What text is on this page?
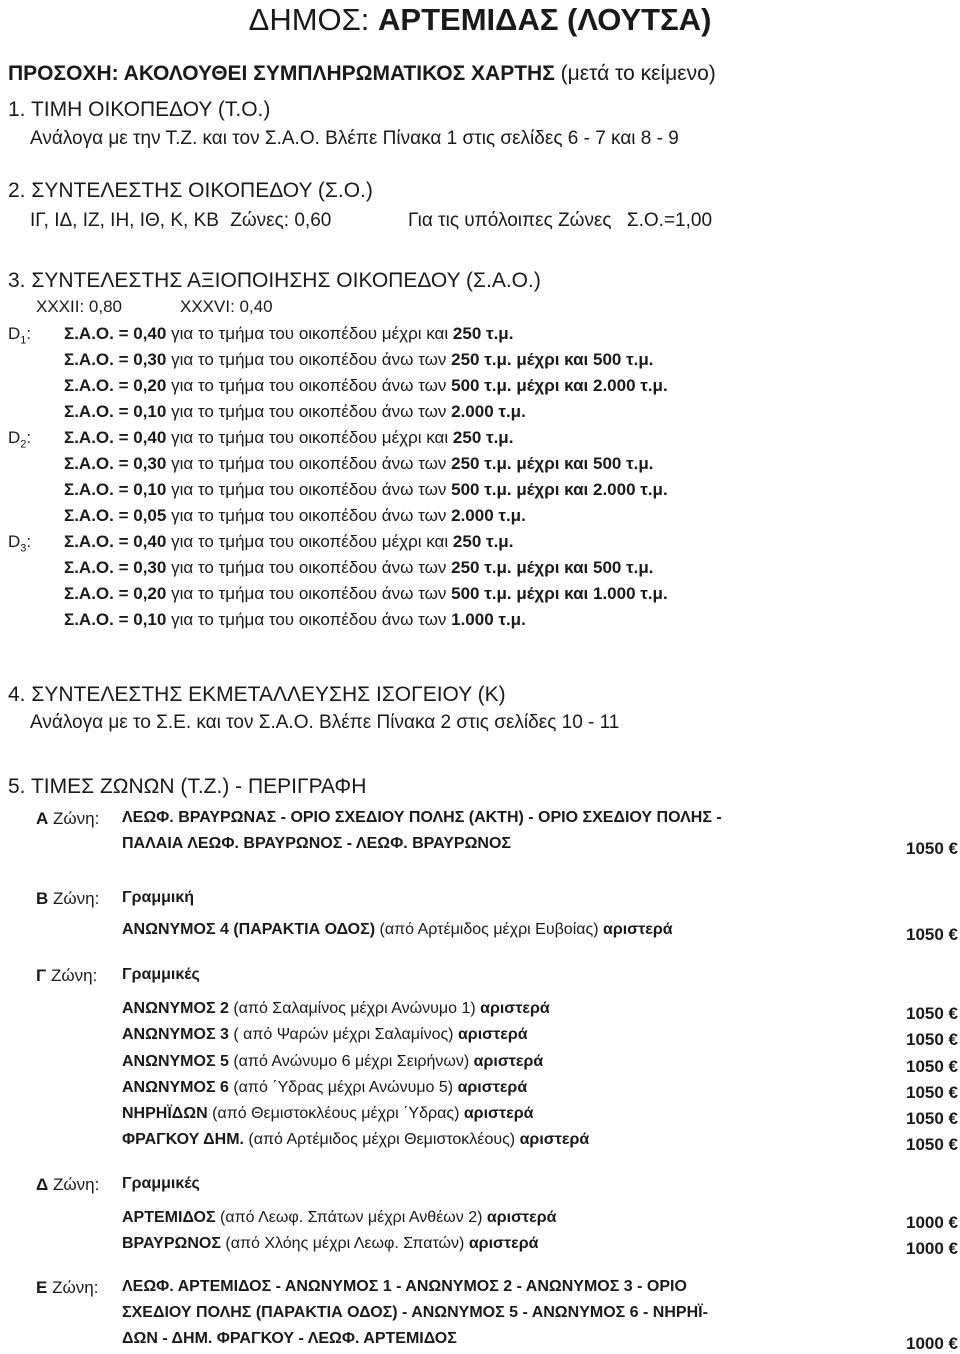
ΔΗΜΟΣ: ΑΡΤΕΜΙΔΑΣ (ΛΟΥΤΣΑ)
ΠΡΟΣΟΧΗ: ΑΚΟΛΟΥΘΕΙ ΣΥΜΠΛΗΡΩΜΑΤΙΚΟΣ ΧΑΡΤΗΣ (μετά το κείμενο)
1. ΤΙΜΗ ΟΙΚΟΠΕΔΟΥ (Τ.Ο.)
Ανάλογα με την Τ.Ζ. και τον Σ.Α.Ο. Βλέπε Πίνακα 1 στις σελίδες 6 - 7 και 8 - 9
2. ΣΥΝΤΕΛΕΣΤΗΣ ΟΙΚΟΠΕΔΟΥ (Σ.Ο.)
ΙΓ, ΙΔ, ΙΖ, ΙΗ, ΙΘ, Κ, ΚΒ Ζώνες: 0,60	Για τις υπόλοιπες Ζώνες Σ.Ο.=1,00
3. ΣΥΝΤΕΛΕΣΤΗΣ ΑΞΙΟΠΟΙΗΣΗΣ ΟΙΚΟΠΕΔΟΥ (Σ.Α.Ο.)
XXXII: 0,80	XXXVI: 0,40
$D_1$: Σ.Α.Ο. = 0,40 για το τμήμα του οικοπέδου μέχρι και 250 τ.μ.
Σ.Α.Ο. = 0,30 για το τμήμα του οικοπέδου άνω των 250 τ.μ. μέχρι και 500 τ.μ.
Σ.Α.Ο. = 0,20 για το τμήμα του οικοπέδου άνω των 500 τ.μ. μέχρι και 2.000 τ.μ.
Σ.Α.Ο. = 0,10 για το τμήμα του οικοπέδου άνω των 2.000 τ.μ.
$D_2$: Σ.Α.Ο. = 0,40 για το τμήμα του οικοπέδου μέχρι και 250 τ.μ.
Σ.Α.Ο. = 0,30 για το τμήμα του οικοπέδου άνω των 250 τ.μ. μέχρι και 500 τ.μ.
Σ.Α.Ο. = 0,10 για το τμήμα του οικοπέδου άνω των 500 τ.μ. μέχρι και 2.000 τ.μ.
Σ.Α.Ο. = 0,05 για το τμήμα του οικοπέδου άνω των 2.000 τ.μ.
$D_3$: Σ.Α.Ο. = 0,40 για το τμήμα του οικοπέδου μέχρι και 250 τ.μ.
Σ.Α.Ο. = 0,30 για το τμήμα του οικοπέδου άνω των 250 τ.μ. μέχρι και 500 τ.μ.
Σ.Α.Ο. = 0,20 για το τμήμα του οικοπέδου άνω των 500 τ.μ. μέχρι και 1.000 τ.μ.
Σ.Α.Ο. = 0,10 για το τμήμα του οικοπέδου άνω των 1.000 τ.μ.
4. ΣΥΝΤΕΛΕΣΤΗΣ ΕΚΜΕΤΑΛΛΕΥΣΗΣ ΙΣΟΓΕΙΟΥ (Κ)
Ανάλογα με το Σ.Ε. και τον Σ.Α.Ο. Βλέπε Πίνακα 2 στις σελίδες 10 - 11
5. ΤΙΜΕΣ ΖΩΝΩΝ (Τ.Ζ.) - ΠΕΡΙΓΡΑΦΗ
Α Ζώνη: ΛΕΩΦ. ΒΡΑΥΡΩΝΑΣ - ΟΡΙΟ ΣΧΕΔΙΟΥ ΠΟΛΗΣ (ΑΚΤΗ) - ΟΡΙΟ ΣΧΕΔΙΟΥ ΠΟΛΗΣ -
ΠΑΛΑΙΑ ΛΕΩΦ. ΒΡΑΥΡΩΝΟΣ - ΛΕΩΦ. ΒΡΑΥΡΩΝΟΣ	1050 €
Β Ζώνη: Γραμμική
ΑΝΩΝΥΜΟΣ 4 (ΠΑΡΑΚΤΙΑ ΟΔΟΣ) (από Αρτέμιδος μέχρι Ευβοίας) αριστερά	1050 €
Γ Ζώνη: Γραμμικές
ΑΝΩΝΥΜΟΣ 2 (από Σαλαμίνος μέχρι Ανώνυμο 1) αριστερά	1050 €
ΑΝΩΝΥΜΟΣ 3 ( από Ψαρών μέχρι Σαλαμίνος) αριστερά	1050 €
ΑΝΩΝΥΜΟΣ 5 (από Ανώνυμο 6 μέχρι Σειρήνων) αριστερά	1050 €
ΑΝΩΝΥΜΟΣ 6 (από ΄Υδρας μέχρι Ανώνυμο 5) αριστερά	1050 €
ΝΗΡΗΪΔΩΝ (από Θεμιστοκλέους μέχρι ΄Υδρας) αριστερά	1050 €
ΦΡΑΓΚΟΥ ΔΗΜ. (από Αρτέμιδος μέχρι Θεμιστοκλέους) αριστερά	1050 €
Δ Ζώνη: Γραμμικές
ΑΡΤΕΜΙΔΟΣ (από Λεωφ. Σπάτων μέχρι Ανθέων 2) αριστερά	1000 €
ΒΡΑΥΡΩΝΟΣ (από Χλόης μέχρι Λεωφ. Σπατών) αριστερά	1000 €
Ε Ζώνη: ΛΕΩΦ. ΑΡΤΕΜΙΔΟΣ - ΑΝΩΝΥΜΟΣ 1 - ΑΝΩΝΥΜΟΣ 2 - ΑΝΩΝΥΜΟΣ 3 - ΟΡΙΟ
ΣΧΕΔΙΟΥ ΠΟΛΗΣ (ΠΑΡΑΚΤΙΑ ΟΔΟΣ) - ΑΝΩΝΥΜΟΣ 5 - ΑΝΩΝΥΜΟΣ 6 - ΝΗΡΗΪ-
ΔΩΝ - ΔΗΜ. ΦΡΑΓΚΟΥ - ΛΕΩΦ. ΑΡΤΕΜΙΔΟΣ	1000 €
